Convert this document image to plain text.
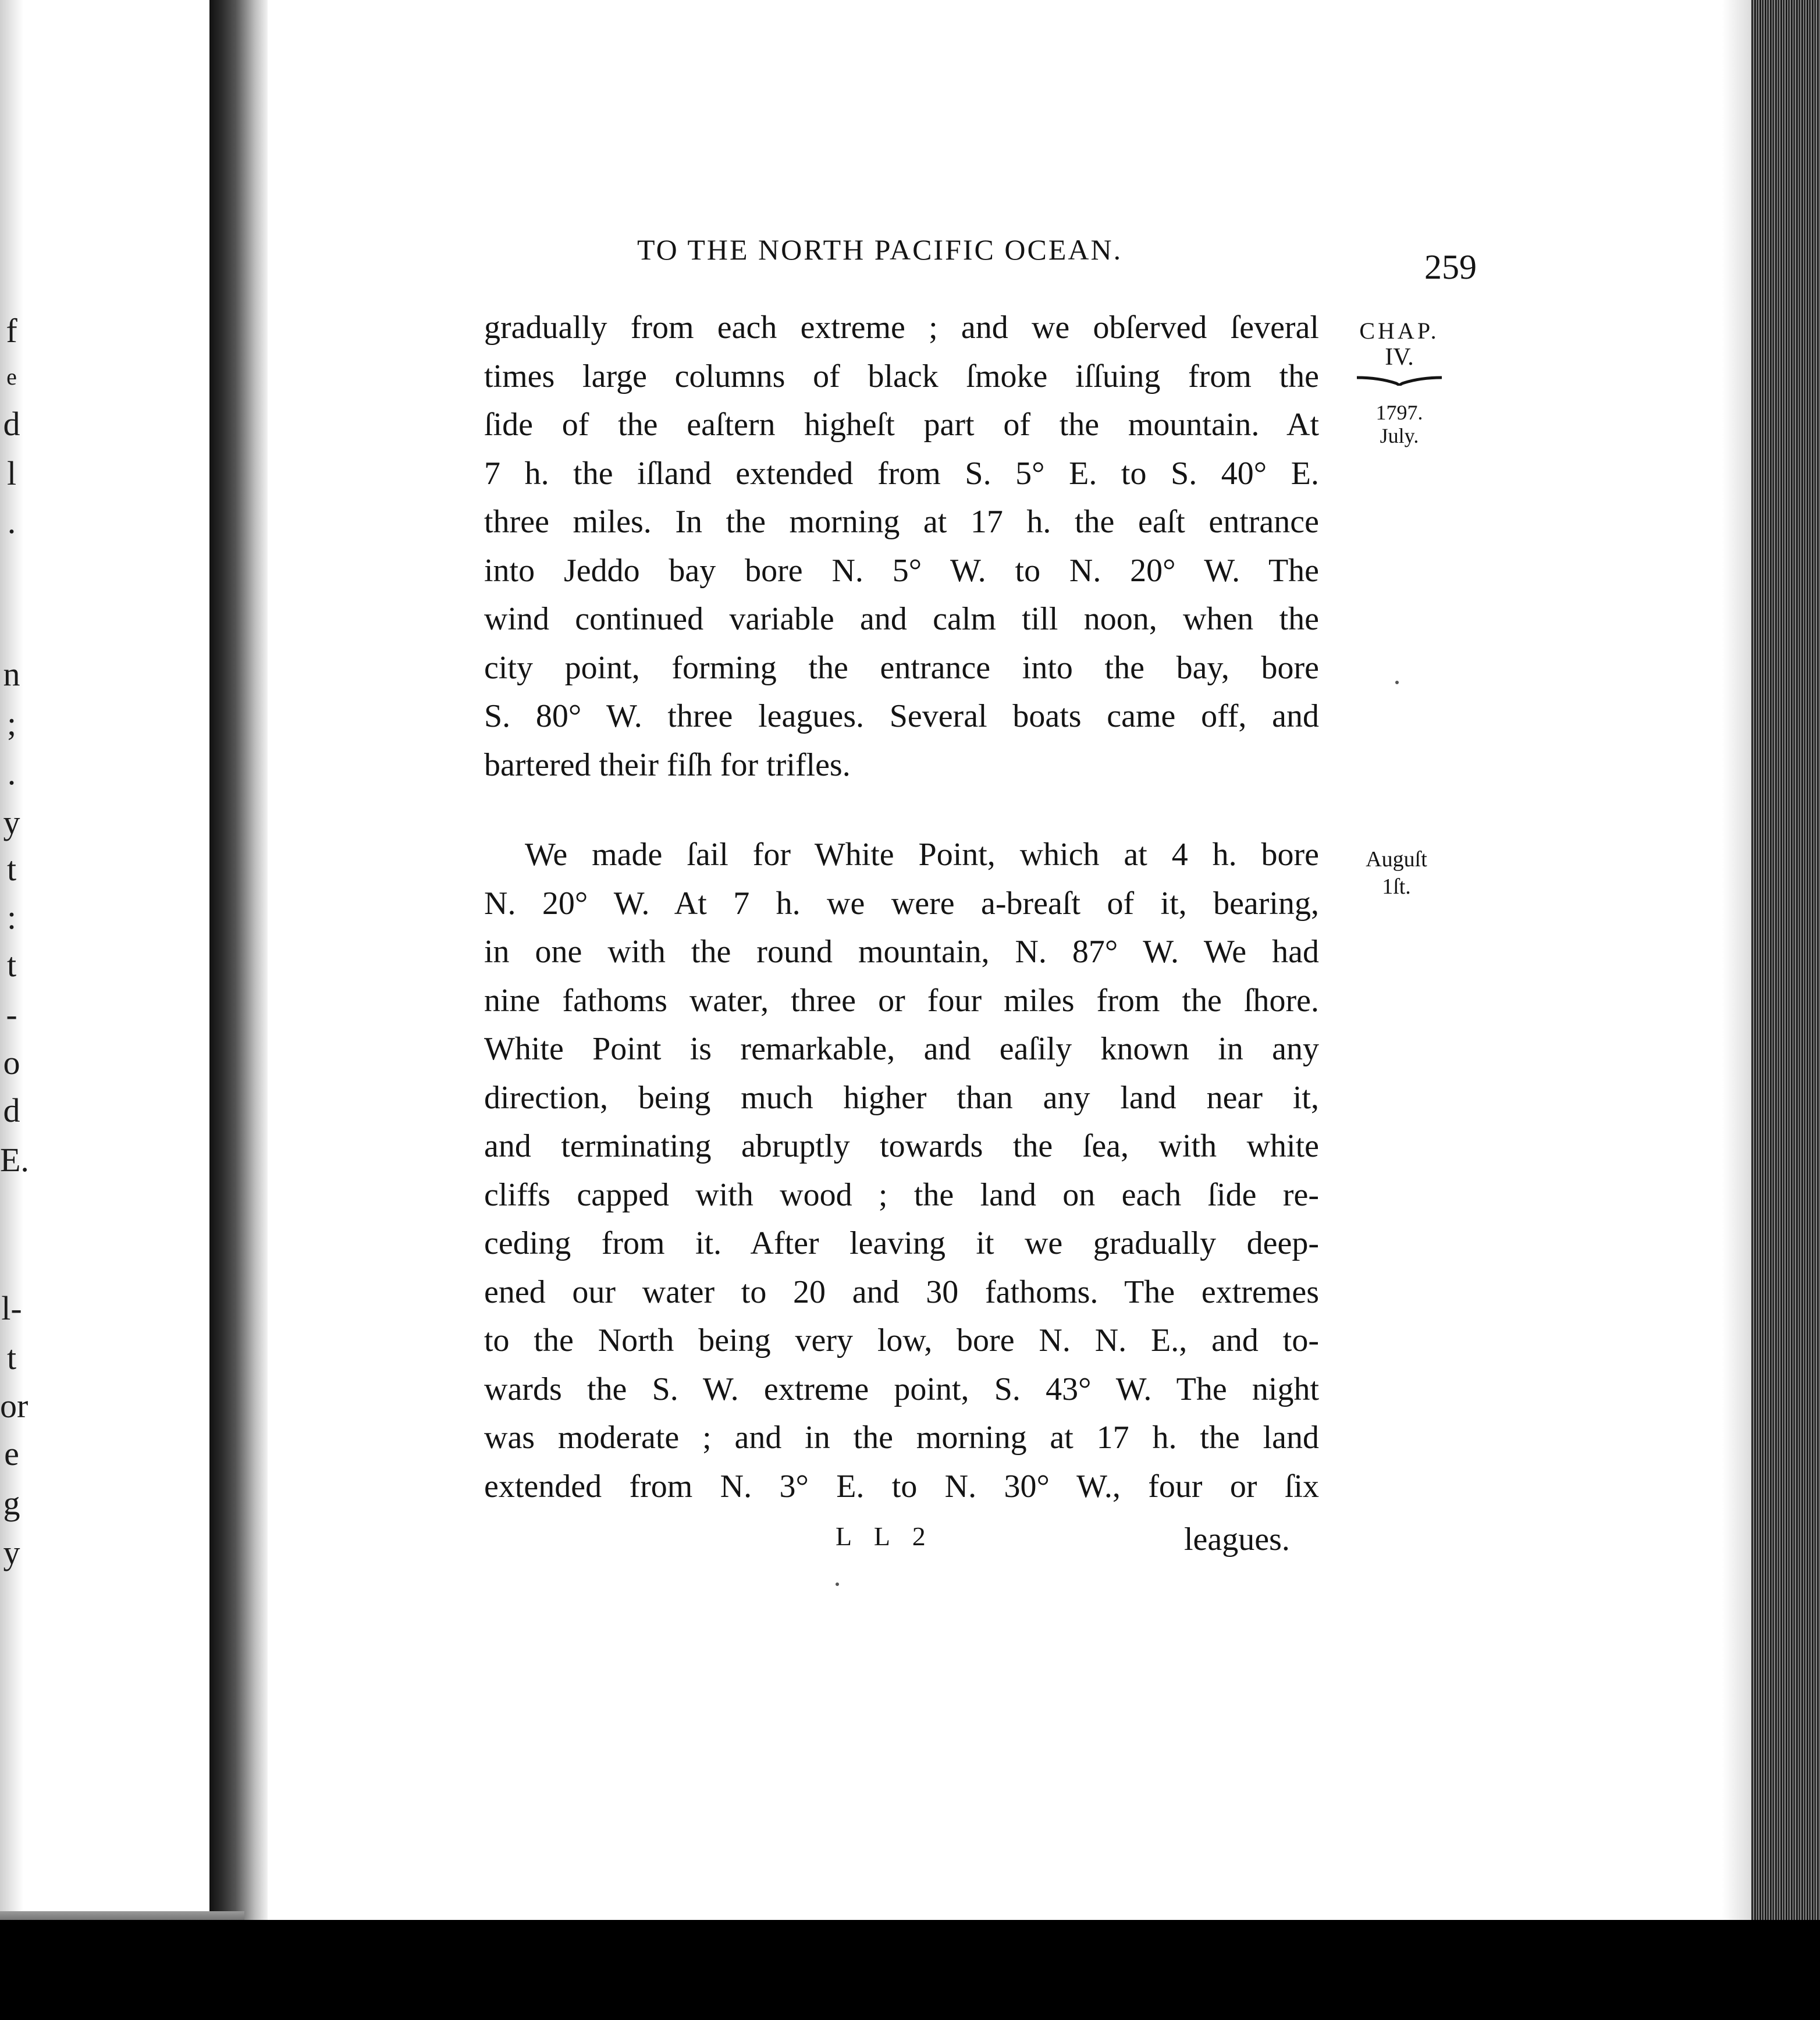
f
e
d
l
.
n
;
.
y
t
:
t
-
o
d
E.
l-
t
or
e
g
y
TO THE NORTH PACIFIC OCEAN.	259
CHAP.
IV.
1797.
July.
Auguſt
1ſt.
gradually from each extreme ; and we obſerved ſeveral
times large columns of black ſmoke iſſuing from the
ſide of the eaſtern higheſt part of the mountain. At
7 h. the iſland extended from S. 5° E. to S. 40° E.
three miles. In the morning at 17 h. the eaſt entrance
into Jeddo bay bore N. 5° W. to N. 20° W. The
wind continued variable and calm till noon, when the
city point, forming the entrance into the bay, bore
S. 80° W. three leagues. Several boats came off, and
bartered their fiſh for trifles.
We made ſail for White Point, which at 4 h. bore
N. 20° W. At 7 h. we were a-breaſt of it, bearing,
in one with the round mountain, N. 87° W. We had
nine fathoms water, three or four miles from the ſhore.
White Point is remarkable, and eaſily known in any
direction, being much higher than any land near it,
and terminating abruptly towards the ſea, with white
cliffs capped with wood ; the land on each ſide re-
ceding from it. After leaving it we gradually deep-
ened our water to 20 and 30 fathoms. The extremes
to the North being very low, bore N. N. E., and to-
wards the S. W. extreme point, S. 43° W. The night
was moderate ; and in the morning at 17 h. the land
extended from N. 3° E. to N. 30° W., four or ſix
L L 2	leagues.
